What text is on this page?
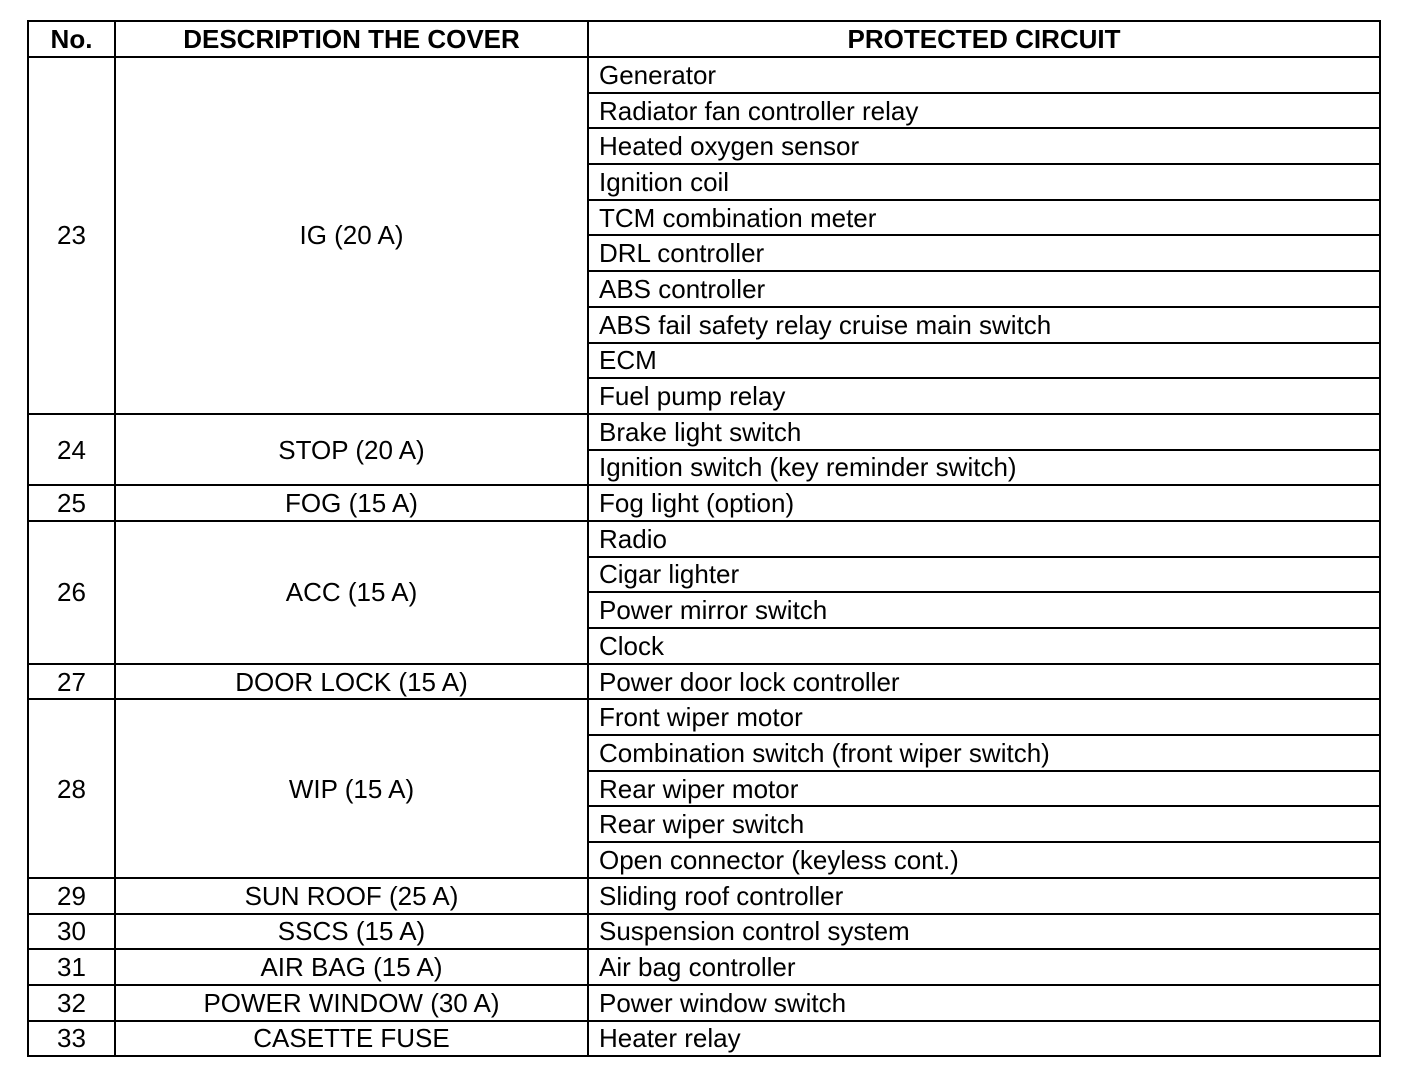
No.	DESCRIPTION THE COVER	PROTECTED CIRCUIT
23	IG (20 A)	Generator
		Radiator fan controller relay
		Heated oxygen sensor
		Ignition coil
		TCM combination meter
		DRL controller
		ABS controller
		ABS fail safety relay cruise main switch
		ECM
		Fuel pump relay
24	STOP (20 A)	Brake light switch
		Ignition switch (key reminder switch)
25	FOG (15 A)	Fog light (option)
26	ACC (15 A)	Radio
		Cigar lighter
		Power mirror switch
		Clock
27	DOOR LOCK (15 A)	Power door lock controller
28	WIP (15 A)	Front wiper motor
		Combination switch (front wiper switch)
		Rear wiper motor
		Rear wiper switch
		Open connector (keyless cont.)
29	SUN ROOF (25 A)	Sliding roof controller
30	SSCS (15 A)	Suspension control system
31	AIR BAG (15 A)	Air bag controller
32	POWER WINDOW (30 A)	Power window switch
33	CASETTE FUSE	Heater relay
